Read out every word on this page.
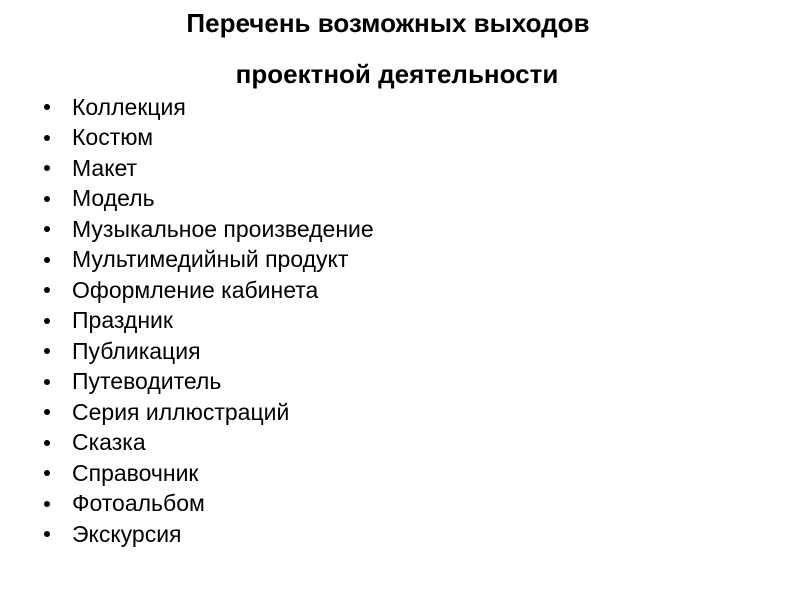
Перечень возможных выходов
проектной деятельности
Коллекция
Костюм
Макет
Модель
Музыкальное произведение
Мультимедийный продукт
Оформление кабинета
Праздник
Публикация
Путеводитель
Серия иллюстраций
Сказка
Справочник
Фотоальбом
Экскурсия
